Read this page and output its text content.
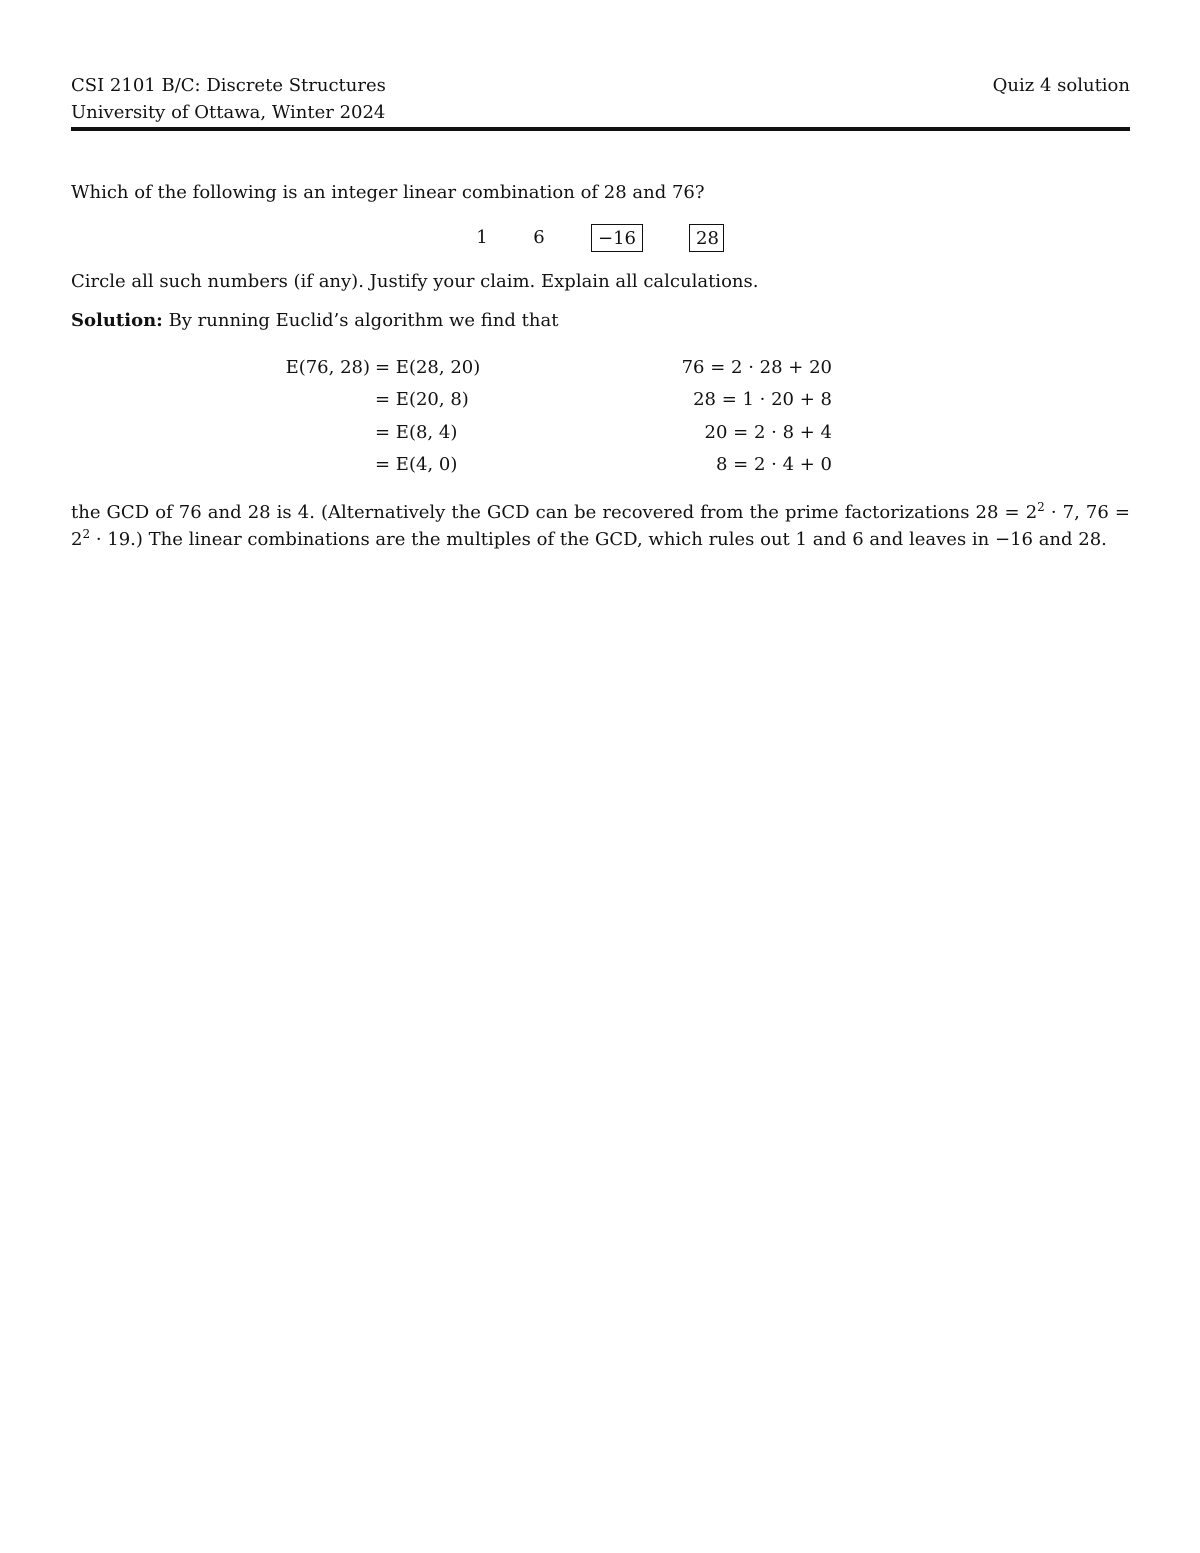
CSI 2101 B/C: Discrete Structures	Quiz 4 solution
University of Ottawa, Winter 2024
Which of the following is an integer linear combination of 28 and 76?
1	6	−16	28
Circle all such numbers (if any). Justify your claim. Explain all calculations.
Solution: By running Euclid’s algorithm we find that
E(76, 28) = E(28, 20)	76 = 2 · 28 + 20
= E(20, 8)	28 = 1 · 20 + 8
= E(8, 4)	20 = 2 · 8 + 4
= E(4, 0)	8 = 2 · 4 + 0
the GCD of 76 and 28 is 4. (Alternatively the GCD can be recovered from the prime factorizations $28 = 2^2 \cdot 7$, $76 = 2^2 \cdot 19$.) The linear combinations are the multiples of the GCD, which rules out 1 and 6 and leaves in −16 and 28.
